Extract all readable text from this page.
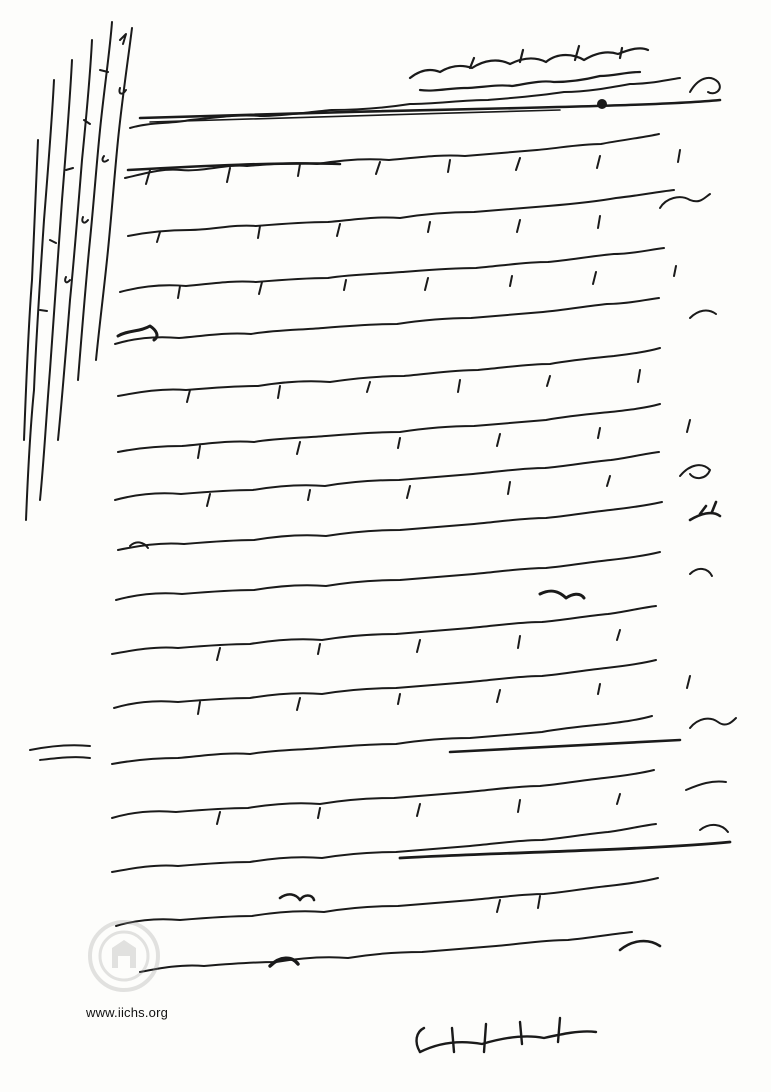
www.iichs.org
